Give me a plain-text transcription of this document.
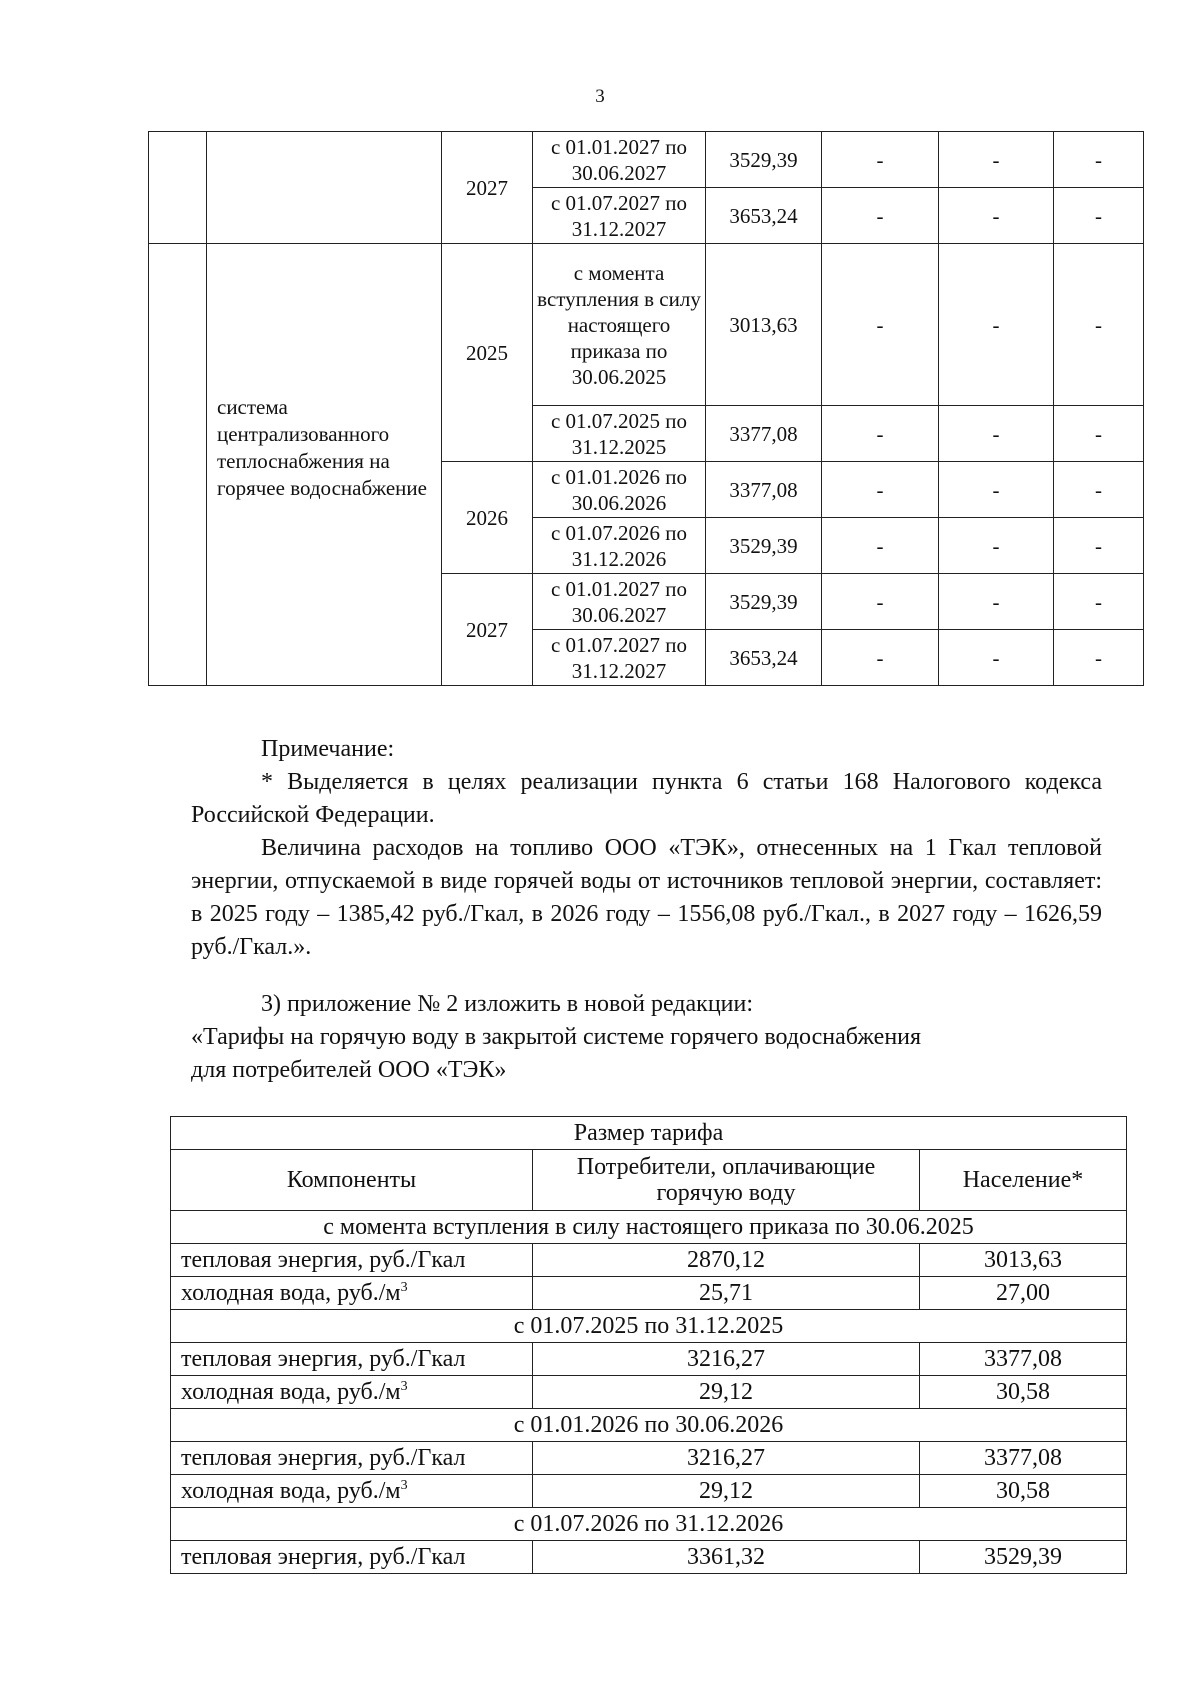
3
		2027	с 01.01.2027 по 30.06.2027	3529,39	-	-	-
			с 01.07.2027 по 31.12.2027	3653,24	-	-	-
	система централизованного теплоснабжения на горячее водоснабжение	2025	с момента вступления в силу настоящего приказа по 30.06.2025	3013,63	-	-	-
			с 01.07.2025 по 31.12.2025	3377,08	-	-	-
		2026	с 01.01.2026 по 30.06.2026	3377,08	-	-	-
			с 01.07.2026 по 31.12.2026	3529,39	-	-	-
		2027	с 01.01.2027 по 30.06.2027	3529,39	-	-	-
			с 01.07.2027 по 31.12.2027	3653,24	-	-	-

Примечание:

* Выделяется в целях реализации пункта 6 статьи 168 Налогового кодекса Российской Федерации.

Величина расходов на топливо ООО «ТЭК», отнесенных на 1 Гкал тепловой энергии, отпускаемой в виде горячей воды от источников тепловой энергии, составляет: в 2025 году – 1385,42 руб./Гкал, в 2026 году – 1556,08 руб./Гкал., в 2027 году – 1626,59 руб./Гкал.».

3) приложение № 2 изложить в новой редакции:

«Тарифы на горячую воду в закрытой системе горячего водоснабжения

для потребителей ООО «ТЭК»

Размер тарифа		
Компоненты	Потребители, оплачивающие горячую воду	Население*
с момента вступления в силу настоящего приказа по 30.06.2025		
тепловая энергия, руб./Гкал	2870,12	3013,63
холодная вода, $руб./м^3$	25,71	27,00
с 01.07.2025 по 31.12.2025		
тепловая энергия, руб./Гкал	3216,27	3377,08
холодная вода, $руб./м^3$	29,12	30,58
с 01.01.2026 по 30.06.2026		
тепловая энергия, руб./Гкал	3216,27	3377,08
холодная вода, $руб./м^3$	29,12	30,58
с 01.07.2026 по 31.12.2026		
тепловая энергия, руб./Гкал	3361,32	3529,39
